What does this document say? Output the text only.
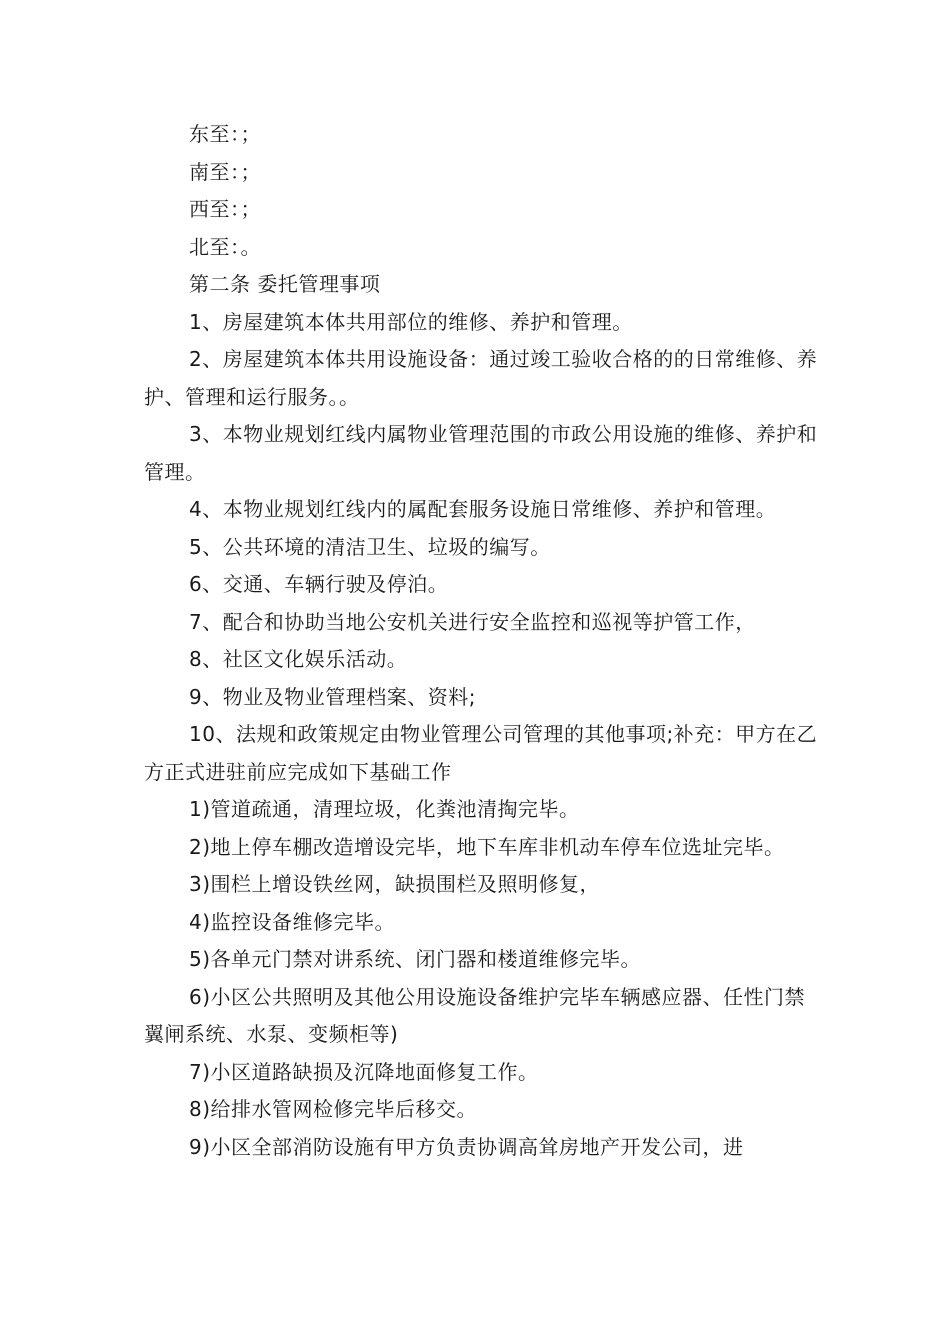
东至：；

南至：；

西至：；

北至：。

第二条 委托管理事项

1、房屋建筑本体共用部位的维修、养护和管理。

2、房屋建筑本体共用设施设备：通过竣工验收合格的的日常维修、养护、管理和运行服务。。

3、本物业规划红线内属物业管理范围的市政公用设施的维修、养护和管理。

4、本物业规划红线内的属配套服务设施日常维修、养护和管理。

5、公共环境的清洁卫生、垃圾的编写。

6、交通、车辆行驶及停泊。

7、配合和协助当地公安机关进行安全监控和巡视等护管工作，

8、社区文化娱乐活动。

9、物业及物业管理档案、资料;

10、法规和政策规定由物业管理公司管理的其他事项;补充：甲方在乙方正式进驻前应完成如下基础工作

1)管道疏通，清理垃圾，化粪池清掏完毕。

2)地上停车棚改造增设完毕，地下车库非机动车停车位选址完毕。

3)围栏上增设铁丝网，缺损围栏及照明修复，

4)监控设备维修完毕。

5)各单元门禁对讲系统、闭门器和楼道维修完毕。

6)小区公共照明及其他公用设施设备维护完毕车辆感应器、任性门禁翼闸系统、水泵、变频柜等)

7)小区道路缺损及沉降地面修复工作。

8)给排水管网检修完毕后移交。

9)小区全部消防设施有甲方负责协调高耸房地产开发公司，进
